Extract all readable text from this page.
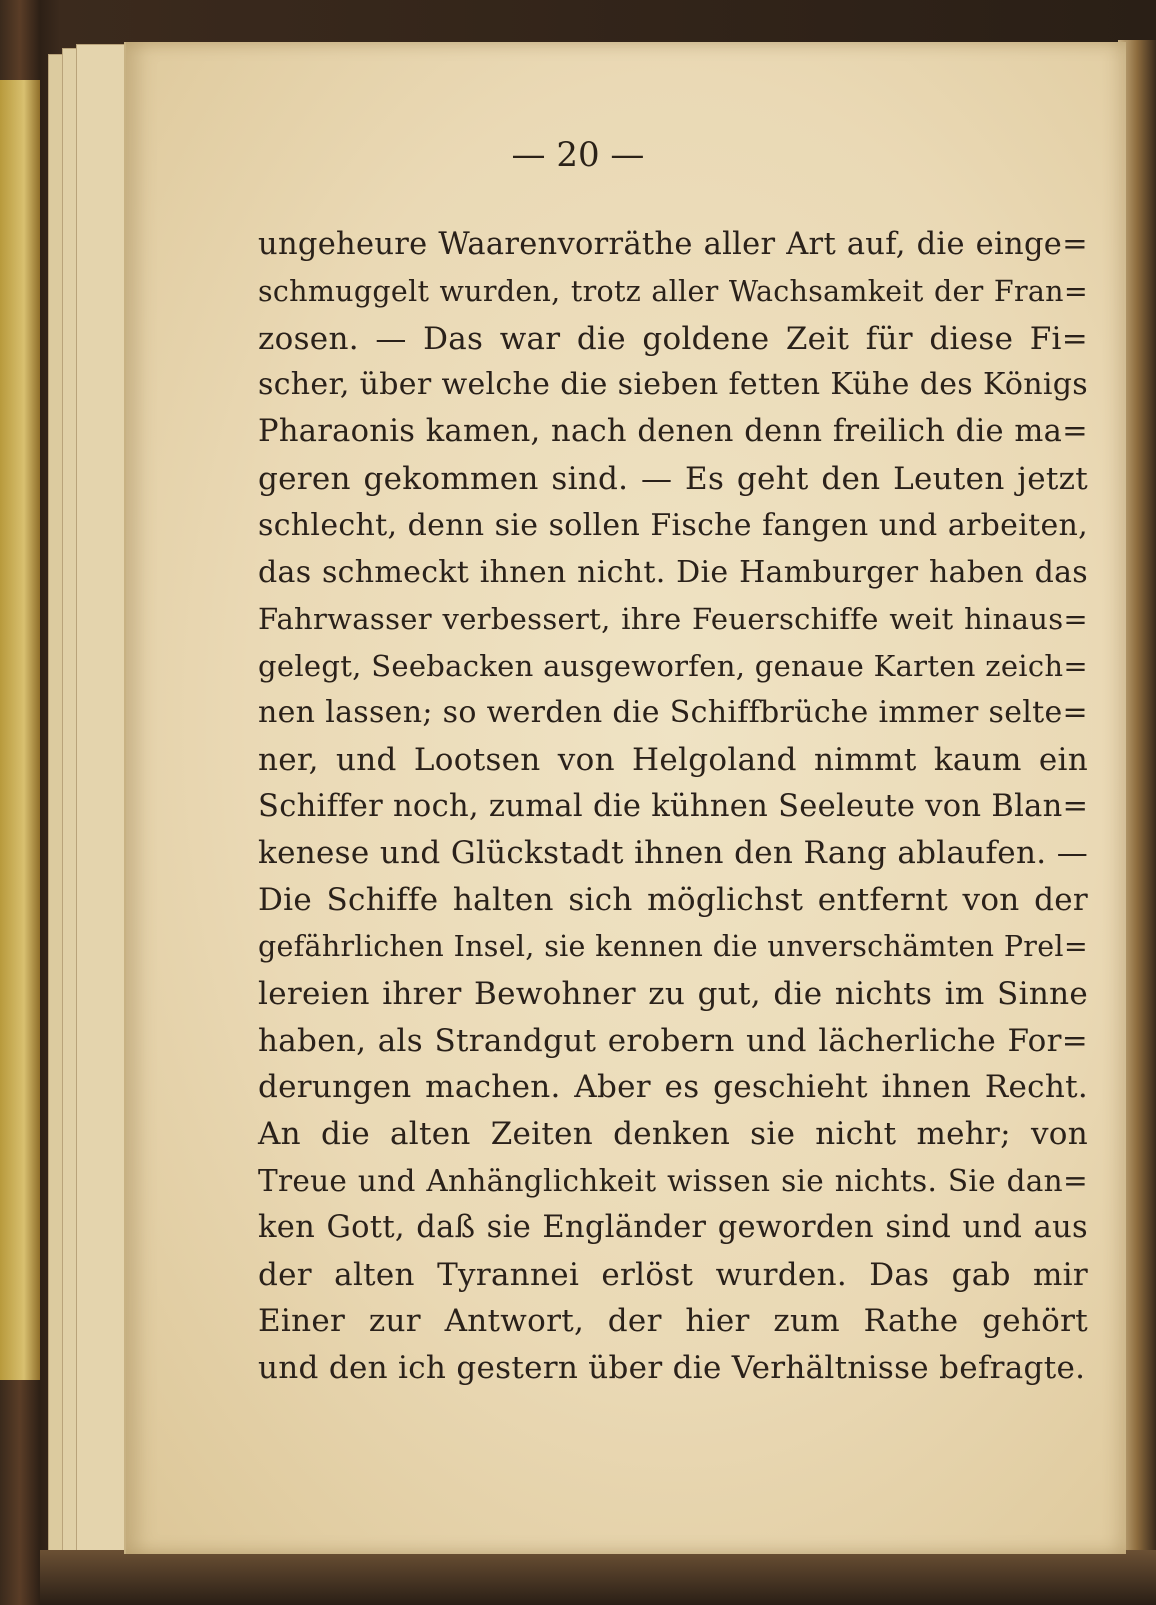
— 20 —
ungeheure Waarenvorräthe aller Art auf, die einge=
schmuggelt wurden, trotz aller Wachsamkeit der Fran=
zosen. — Das war die goldene Zeit für diese Fi=
scher, über welche die sieben fetten Kühe des Königs
Pharaonis kamen, nach denen denn freilich die ma=
geren gekommen sind. — Es geht den Leuten jetzt
schlecht, denn sie sollen Fische fangen und arbeiten,
das schmeckt ihnen nicht. Die Hamburger haben das
Fahrwasser verbessert, ihre Feuerschiffe weit hinaus=
gelegt, Seebacken ausgeworfen, genaue Karten zeich=
nen lassen; so werden die Schiffbrüche immer selte=
ner, und Lootsen von Helgoland nimmt kaum ein
Schiffer noch, zumal die kühnen Seeleute von Blan=
kenese und Glückstadt ihnen den Rang ablaufen. —
Die Schiffe halten sich möglichst entfernt von der
gefährlichen Insel, sie kennen die unverschämten Prel=
lereien ihrer Bewohner zu gut, die nichts im Sinne
haben, als Strandgut erobern und lächerliche For=
derungen machen. Aber es geschieht ihnen Recht.
An die alten Zeiten denken sie nicht mehr; von
Treue und Anhänglichkeit wissen sie nichts. Sie dan=
ken Gott, daß sie Engländer geworden sind und aus
der alten Tyrannei erlöst wurden. Das gab mir
Einer zur Antwort, der hier zum Rathe gehört
und den ich gestern über die Verhältnisse befragte.
